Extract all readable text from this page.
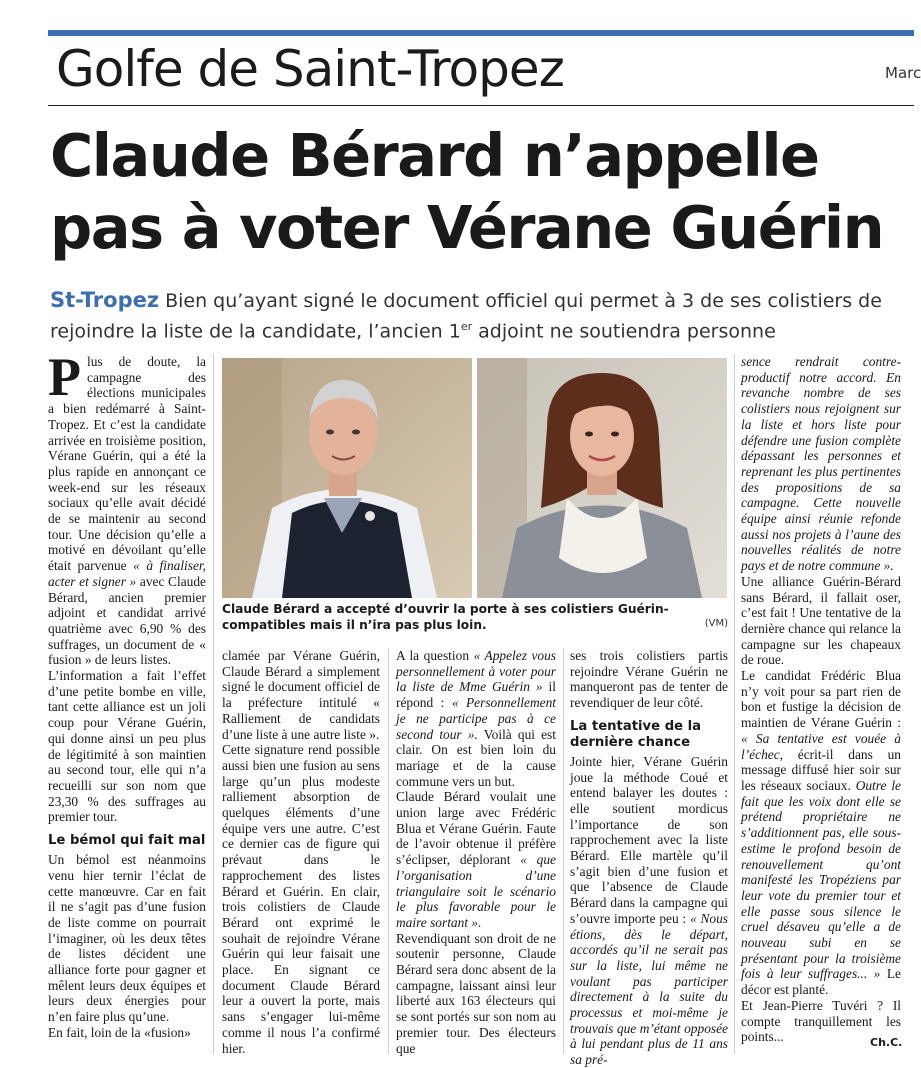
Golfe de Saint-Tropez	Marc
Claude Bérard n’appelle pas à voter Vérane Guérin
St-Tropez Bien qu’ayant signé le document officiel qui permet à 3 de ses colistiers de rejoindre la liste de la candidate, l’ancien 1er adjoint ne soutiendra personne
P lus de doute, la campagne des élections municipales a bien redémarré à Saint-Tropez. Et c’est la candidate arrivée en troisième position, Vérane Guérin, qui a été la plus rapide en annonçant ce week-end sur les réseaux sociaux qu’elle avait décidé de se maintenir au second tour. Une décision qu’elle a motivé en dévoilant qu’elle était parvenue « à finaliser, acter et signer » avec Claude Bérard, ancien premier adjoint et candidat arrivé quatrième avec 6,90 % des suffrages, un document de « fusion » de leurs listes.

L’information a fait l’effet d’une petite bombe en ville, tant cette alliance est un joli coup pour Vérane Guérin, qui donne ainsi un peu plus de légitimité à son maintien au second tour, elle qui n’a recueilli sur son nom que 23,30 % des suffrages au premier tour.

Le bémol qui fait mal

Un bémol est néanmoins venu hier ternir l’éclat de cette manœuvre. Car en fait il ne s’agit pas d’une fusion de liste comme on pourrait l’imaginer, où les deux têtes de listes décident une alliance forte pour gagner et mêlent leurs deux équipes et leurs deux énergies pour n’en faire plus qu’une.

En fait, loin de la «fusion»

Claude Bérard a accepté d’ouvrir la porte à ses colistiers Guérin-compatibles mais il n’ira pas plus loin.	(VM)

clamée par Vérane Guérin, Claude Bérard a simplement signé le document officiel de la préfecture intitulé « Ralliement de candidats d’une liste à une autre liste ».

Cette signature rend possible aussi bien une fusion au sens large qu’un plus modeste ralliement absorption de quelques éléments d’une équipe vers une autre. C’est ce dernier cas de figure qui prévaut dans le rapprochement des listes Bérard et Guérin. En clair, trois colistiers de Claude Bérard ont exprimé le souhait de rejoindre Vérane Guérin qui leur faisait une place. En signant ce document Claude Bérard leur a ouvert la porte, mais sans s’engager lui-même comme il nous l’a confirmé hier.

A la question « Appelez vous personnellement à voter pour la liste de Mme Guérin » il répond : « Personnellement je ne participe pas à ce second tour ». Voilà qui est clair. On est bien loin du mariage et de la cause commune vers un but.

Claude Bérard voulait une union large avec Frédéric Blua et Vérane Guérin. Faute de l’avoir obtenue il préfère s’éclipser, déplorant « que l’organisation d’une triangulaire soit le scénario le plus favorable pour le maire sortant ».

Revendiquant son droit de ne soutenir personne, Claude Bérard sera donc absent de la campagne, laissant ainsi leur liberté aux 163 électeurs qui se sont portés sur son nom au premier tour. Des électeurs que

ses trois colistiers partis rejoindre Vérane Guérin ne manqueront pas de tenter de revendiquer de leur côté.

La tentative de la dernière chance

Jointe hier, Vérane Guérin joue la méthode Coué et entend balayer les doutes : elle soutient mordicus l’importance de son rapprochement avec la liste Bérard. Elle martèle qu’il s’agit bien d’une fusion et que l’absence de Claude Bérard dans la campagne qui s’ouvre importe peu : « Nous étions, dès le départ, accordés qu’il ne serait pas sur la liste, lui même ne voulant pas participer directement à la suite du processus et moi-même je trouvais que m’étant opposée à lui pendant plus de 11 ans sa pré-

sence rendrait contre-productif notre accord. En revanche nombre de ses colistiers nous rejoignent sur la liste et hors liste pour défendre une fusion complète dépassant les personnes et reprenant les plus pertinentes des propositions de sa campagne. Cette nouvelle équipe ainsi réunie refonde aussi nos projets à l’aune des nouvelles réalités de notre pays et de notre commune ».

Une alliance Guérin-Bérard sans Bérard, il fallait oser, c’est fait ! Une tentative de la dernière chance qui relance la campagne sur les chapeaux de roue.

Le candidat Frédéric Blua n’y voit pour sa part rien de bon et fustige la décision de maintien de Vérane Guérin : « Sa tentative est vouée à l’échec, écrit-il dans un message diffusé hier soir sur les réseaux sociaux. Outre le fait que les voix dont elle se prétend propriétaire ne s’additionnent pas, elle sous-estime le profond besoin de renouvellement qu’ont manifesté les Tropéziens par leur vote du premier tour et elle passe sous silence le cruel désaveu qu’elle a de nouveau subi en se présentant pour la troisième fois à leur suffrages... » Le décor est planté.

Et Jean-Pierre Tuvéri ? Il compte tranquillement les points...	Ch.C.
